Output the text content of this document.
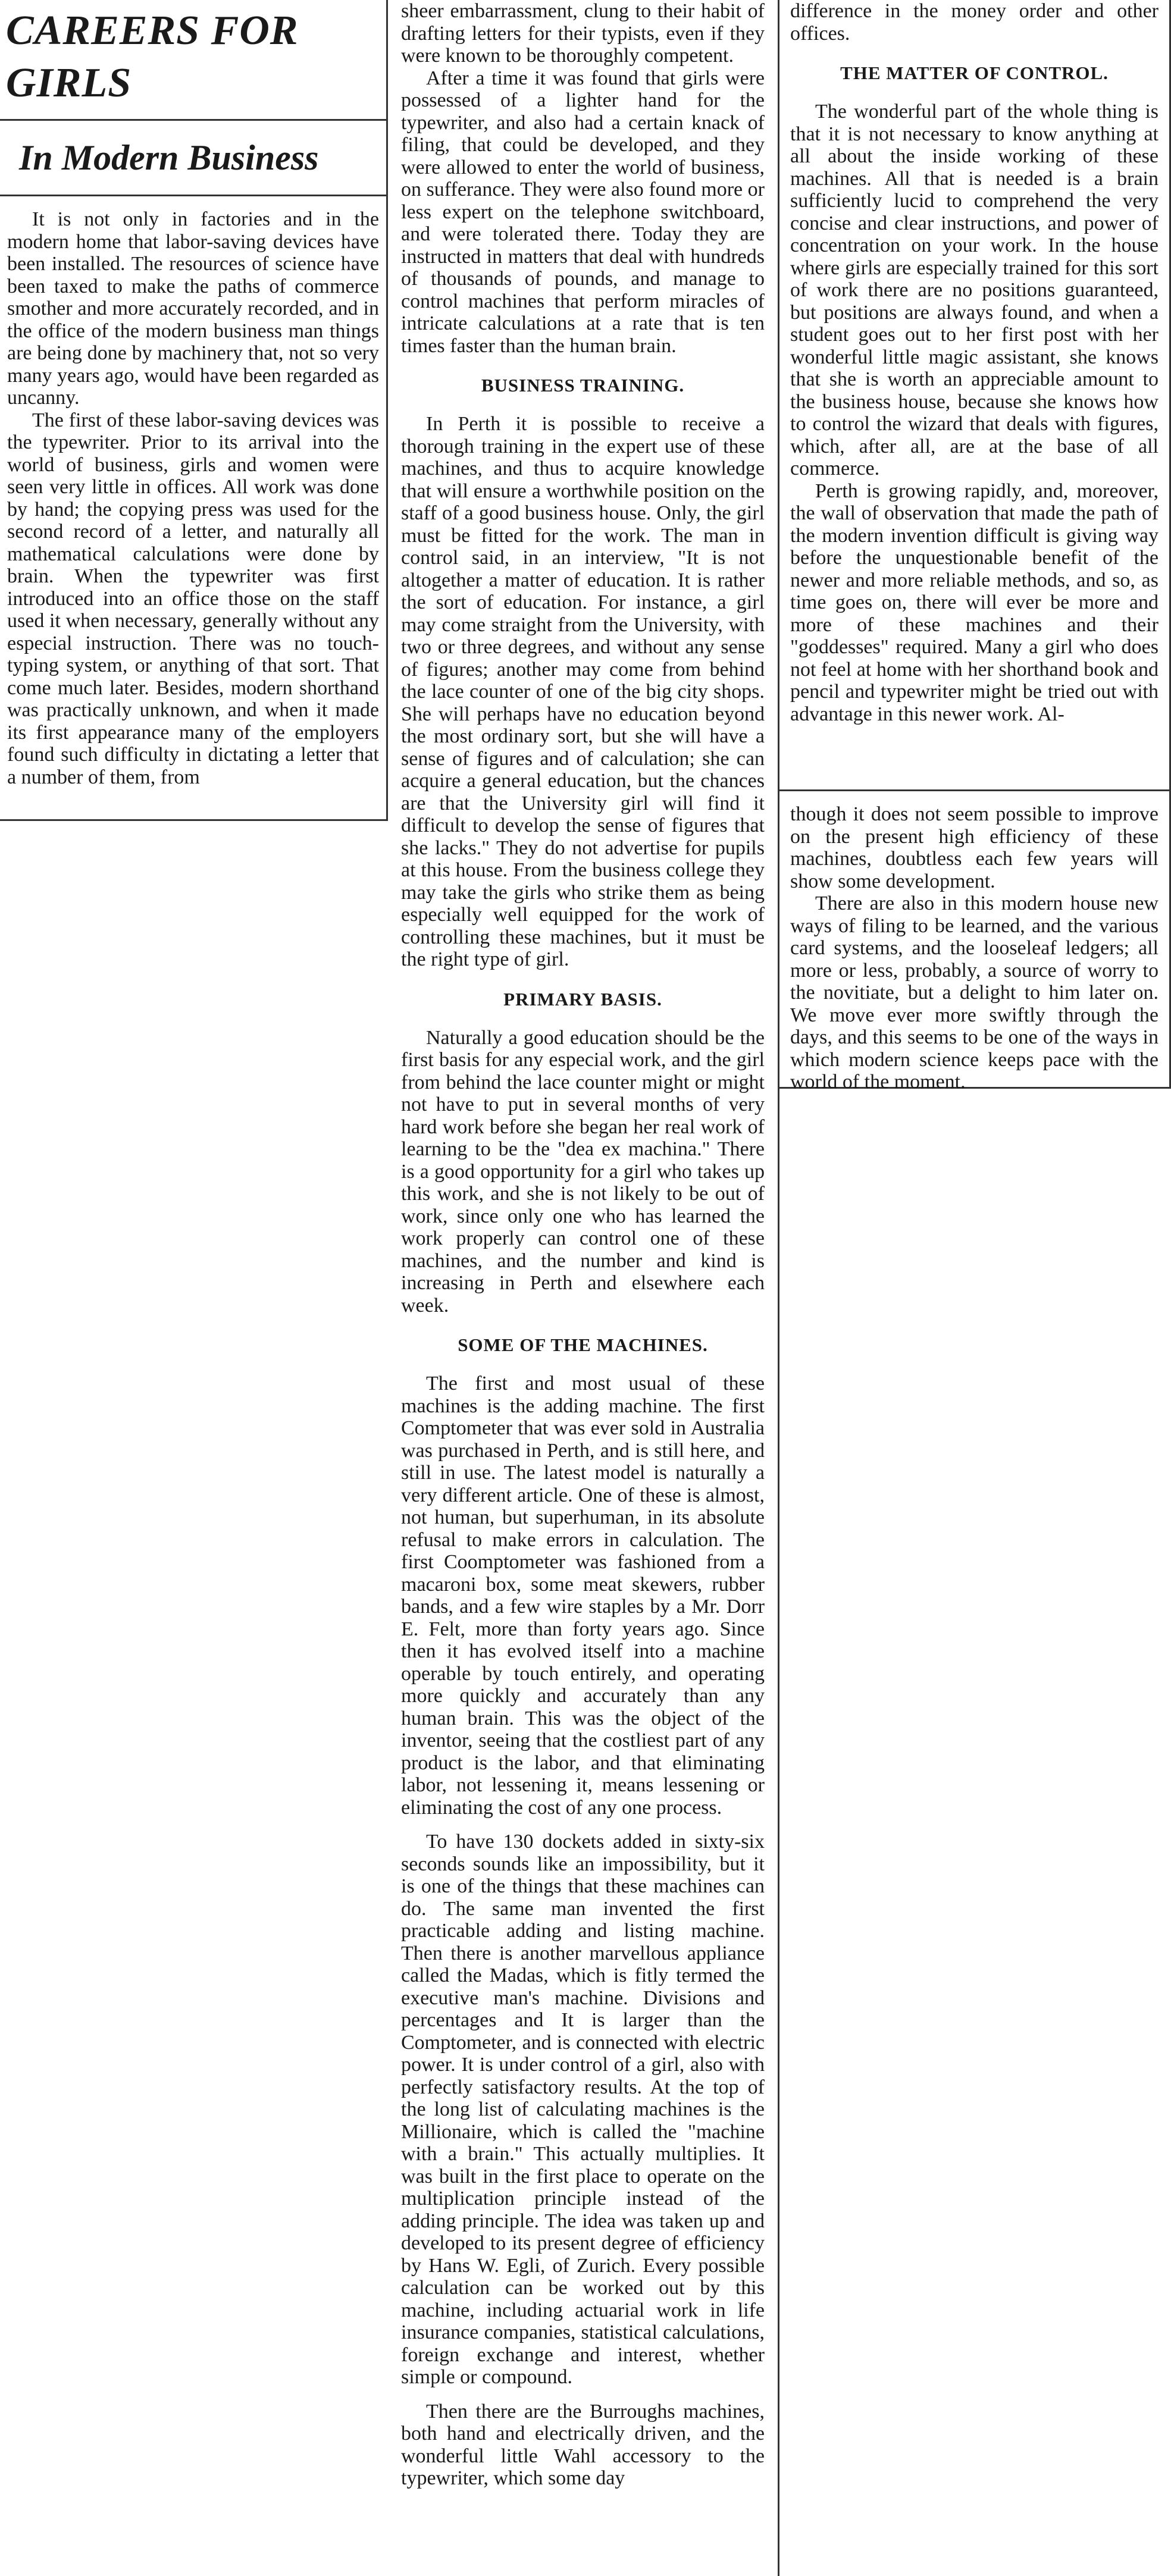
CAREERS FOR GIRLS
In Modern Business

It is not only in factories and in the modern home that labor-saving devices have been installed. The resources of science have been taxed to make the paths of commerce smother and more accurately recorded, and in the office of the modern business man things are being done by machinery that, not so very many years ago, would have been regarded as uncanny.

The first of these labor-saving devices was the typewriter. Prior to its arrival into the world of business, girls and women were seen very little in offices. All work was done by hand; the copying press was used for the second record of a letter, and naturally all mathematical calculations were done by brain. When the typewriter was first introduced into an office those on the staff used it when necessary, generally without any especial instruction. There was no touch-typing system, or anything of that sort. That come much later. Besides, modern shorthand was practically unknown, and when it made its first appearance many of the employers found such difficulty in dictating a letter that a number of them, from

sheer embarrassment, clung to their habit of drafting letters for their typists, even if they were known to be thoroughly competent.

After a time it was found that girls were possessed of a lighter hand for the typewriter, and also had a certain knack of filing, that could be developed, and they were allowed to enter the world of business, on sufferance. They were also found more or less expert on the telephone switchboard, and were tolerated there. Today they are instructed in matters that deal with hundreds of thousands of pounds, and manage to control machines that perform miracles of intricate calculations at a rate that is ten times faster than the human brain.

BUSINESS TRAINING.

In Perth it is possible to receive a thorough training in the expert use of these machines, and thus to acquire knowledge that will ensure a worthwhile position on the staff of a good business house. Only, the girl must be fitted for the work. The man in control said, in an interview, "It is not altogether a matter of education. It is rather the sort of education. For instance, a girl may come straight from the University, with two or three degrees, and without any sense of figures; another may come from behind the lace counter of one of the big city shops. She will perhaps have no education beyond the most ordinary sort, but she will have a sense of figures and of calculation; she can acquire a general education, but the chances are that the University girl will find it difficult to develop the sense of figures that she lacks." They do not advertise for pupils at this house. From the business college they may take the girls who strike them as being especially well equipped for the work of controlling these machines, but it must be the right type of girl.

PRIMARY BASIS.

Naturally a good education should be the first basis for any especial work, and the girl from behind the lace counter might or might not have to put in several months of very hard work before she began her real work of learning to be the "dea ex machina." There is a good opportunity for a girl who takes up this work, and she is not likely to be out of work, since only one who has learned the work properly can control one of these machines, and the number and kind is increasing in Perth and elsewhere each week.

SOME OF THE MACHINES.

The first and most usual of these machines is the adding machine. The first Comptometer that was ever sold in Australia was purchased in Perth, and is still here, and still in use. The latest model is naturally a very different article. One of these is almost, not human, but superhuman, in its absolute refusal to make errors in calculation. The first Coomptometer was fashioned from a macaroni box, some meat skewers, rubber bands, and a few wire staples by a Mr. Dorr E. Felt, more than forty years ago. Since then it has evolved itself into a machine operable by touch entirely, and operating more quickly and accurately than any human brain. This was the object of the inventor, seeing that the costliest part of any product is the labor, and that eliminating labor, not lessening it, means lessening or eliminating the cost of any one process.

To have 130 dockets added in sixty-six seconds sounds like an impossibility, but it is one of the things that these machines can do. The same man invented the first practicable adding and listing machine. Then there is another marvellous appliance called the Madas, which is fitly termed the executive man's machine. Divisions and percentages and It is larger than the Comptometer, and is connected with electric power. It is under control of a girl, also with perfectly satisfactory results. At the top of the long list of calculating machines is the Millionaire, which is called the "machine with a brain." This actually multiplies. It was built in the first place to operate on the multiplication principle instead of the adding principle. The idea was taken up and developed to its present degree of efficiency by Hans W. Egli, of Zurich. Every possible calculation can be worked out by this machine, including actuarial work in life insurance companies, statistical calculations, foreign exchange and interest, whether simple or compound.

Then there are the Burroughs machines, both hand and electrically driven, and the wonderful little Wahl accessory to the typewriter, which some day

difference in the money order and other offices.

THE MATTER OF CONTROL.

The wonderful part of the whole thing is that it is not necessary to know anything at all about the inside working of these machines. All that is needed is a brain sufficiently lucid to comprehend the very concise and clear instructions, and power of concentration on your work. In the house where girls are especially trained for this sort of work there are no positions guaranteed, but positions are always found, and when a student goes out to her first post with her wonderful little magic assistant, she knows that she is worth an appreciable amount to the business house, because she knows how to control the wizard that deals with figures, which, after all, are at the base of all commerce.

Perth is growing rapidly, and, moreover, the wall of observation that made the path of the modern invention difficult is giving way before the unquestionable benefit of the newer and more reliable methods, and so, as time goes on, there will ever be more and more of these machines and their "goddesses" required. Many a girl who does not feel at home with her shorthand book and pencil and typewriter might be tried out with advantage in this newer work. Al-

though it does not seem possible to improve on the present high efficiency of these machines, doubtless each few years will show some development.

There are also in this modern house new ways of filing to be learned, and the various card systems, and the looseleaf ledgers; all more or less, probably, a source of worry to the novitiate, but a delight to him later on. We move ever more swiftly through the days, and this seems to be one of the ways in which modern science keeps pace with the world of the moment.
